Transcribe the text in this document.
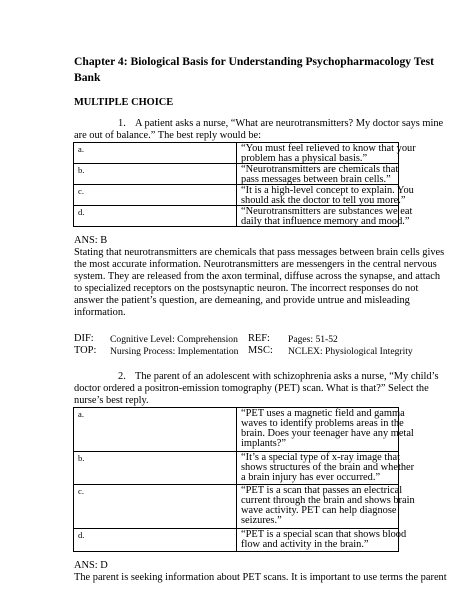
Chapter 4: Biological Basis for Understanding Psychopharmacology Test
Bank
MULTIPLE CHOICE
1. A patient asks a nurse, “What are neurotransmitters? My doctor says mine
are out of balance.” The best reply would be:
a.	“You must feel relieved to know that your
problem has a physical basis.”
b.	“Neurotransmitters are chemicals that
pass messages between brain cells.”
c.	“It is a high-level concept to explain. You
should ask the doctor to tell you more.”
d.	“Neurotransmitters are substances we eat
daily that influence memory and mood.”
ANS: B
Stating that neurotransmitters are chemicals that pass messages between brain cells gives
the most accurate information. Neurotransmitters are messengers in the central nervous
system. They are released from the axon terminal, diffuse across the synapse, and attach
to specialized receptors on the postsynaptic neuron. The incorrect responses do not
answer the patient’s question, are demeaning, and provide untrue and misleading
information.
DIF: Cognitive Level: Comprehension REF: Pages: 51-52
TOP: Nursing Process: Implementation MSC: NCLEX: Physiological Integrity
2. The parent of an adolescent with schizophrenia asks a nurse, “My child’s
doctor ordered a positron-emission tomography (PET) scan. What is that?” Select the
nurse’s best reply.
a.	“PET uses a magnetic field and gamma
waves to identify problems areas in the
brain. Does your teenager have any metal
implants?”
b.	“It’s a special type of x-ray image that
shows structures of the brain and whether
a brain injury has ever occurred.”
c.	“PET is a scan that passes an electrical
current through the brain and shows brain
wave activity. PET can help diagnose
seizures.”
d.	“PET is a special scan that shows blood
flow and activity in the brain.”
ANS: D
The parent is seeking information about PET scans. It is important to use terms the parent
